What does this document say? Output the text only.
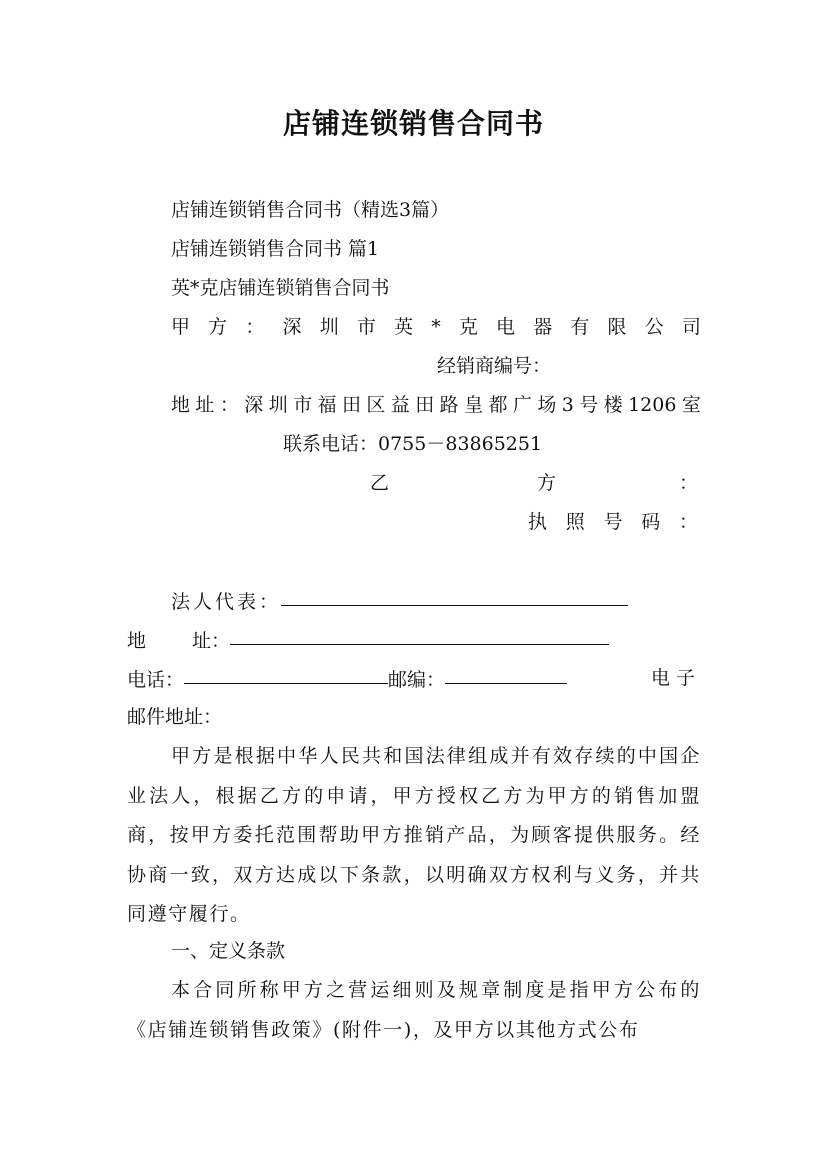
店铺连锁销售合同书
店铺连锁销售合同书（精选3篇）
店铺连锁销售合同书 篇1
英*克店铺连锁销售合同书
甲 方 ： 深 圳 市 英 * 克 电 器 有 限 公 司
经销商编号：
地 址 ： 深 圳 市 福 田 区 益 田 路 皇 都 广 场 3 号 楼 1206 室
联系电话：0755－83865251
乙	方	：
执 照 号 码 ：
法人代表：
地 址：
电话：	邮编：	电子
邮件地址：
甲方是根据中华人民共和国法律组成并有效存续的中国企业法人，根据乙方的申请，甲方授权乙方为甲方的销售加盟商，按甲方委托范围帮助甲方推销产品，为顾客提供服务。经协商一致，双方达成以下条款，以明确双方权利与义务，并共同遵守履行。
一、定义条款
本合同所称甲方之营运细则及规章制度是指甲方公布的《店铺连锁销售政策》(附件一)，及甲方以其他方式公布
